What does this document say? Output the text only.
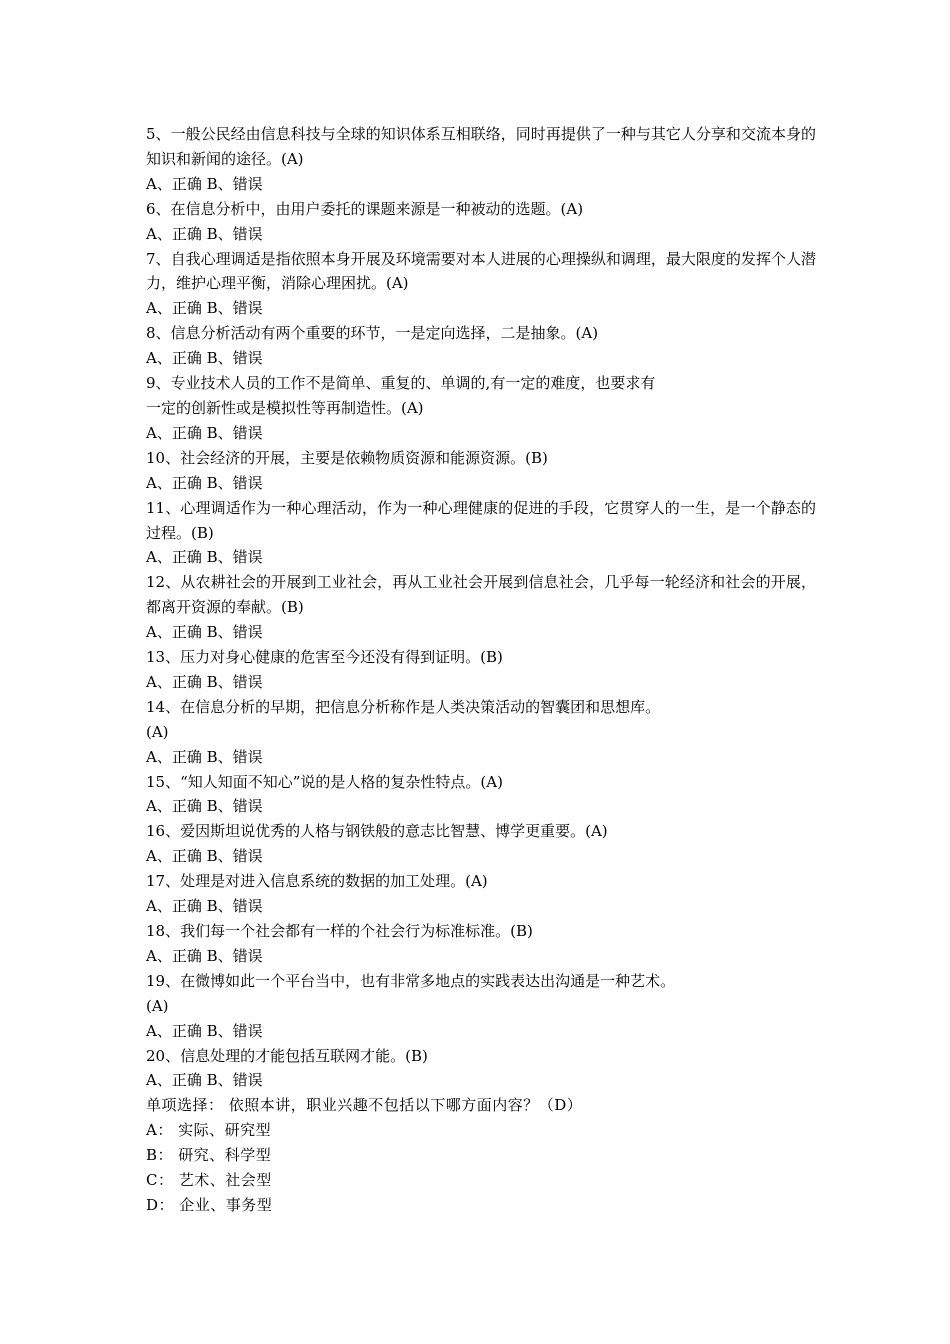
5、一般公民经由信息科技与全球的知识体系互相联络，同时再提供了一种与其它人分享和交流本身的知识和新闻的途径。(A)
A、正确 B、错误
6、在信息分析中，由用户委托的课题来源是一种被动的选题。(A)
A、正确 B、错误
7、自我心理调适是指依照本身开展及环境需要对本人进展的心理操纵和调理，最大限度的发挥个人潜力，维护心理平衡，消除心理困扰。(A)
A、正确 B、错误
8、信息分析活动有两个重要的环节，一是定向选择，二是抽象。(A)
A、正确 B、错误
9、专业技术人员的工作不是简单、重复的、单调的,有一定的难度，也要求有
一定的创新性或是模拟性等再制造性。(A)
A、正确 B、错误
10、社会经济的开展，主要是依赖物质资源和能源资源。(B)
A、正确 B、错误
11、心理调适作为一种心理活动，作为一种心理健康的促进的手段，它贯穿人的一生，是一个静态的过程。(B)
A、正确 B、错误
12、从农耕社会的开展到工业社会，再从工业社会开展到信息社会，几乎每一轮经济和社会的开展，都离开资源的奉献。(B)
A、正确 B、错误
13、压力对身心健康的危害至今还没有得到证明。(B)
A、正确 B、错误
14、在信息分析的早期，把信息分析称作是人类决策活动的智囊团和思想库。
(A)
A、正确 B、错误
15、“知人知面不知心”说的是人格的复杂性特点。(A)
A、正确 B、错误
16、爱因斯坦说优秀的人格与钢铁般的意志比智慧、博学更重要。(A)
A、正确 B、错误
17、处理是对进入信息系统的数据的加工处理。(A)
A、正确 B、错误
18、我们每一个社会都有一样的个社会行为标准标准。(B)
A、正确 B、错误
19、在微博如此一个平台当中，也有非常多地点的实践表达出沟通是一种艺术。
(A)
A、正确 B、错误
20、信息处理的才能包括互联网才能。(B)
A、正确 B、错误
单项选择： 依照本讲，职业兴趣不包括以下哪方面内容？（D）
A： 实际、研究型
B： 研究、科学型
C： 艺术、社会型
D： 企业、事务型
